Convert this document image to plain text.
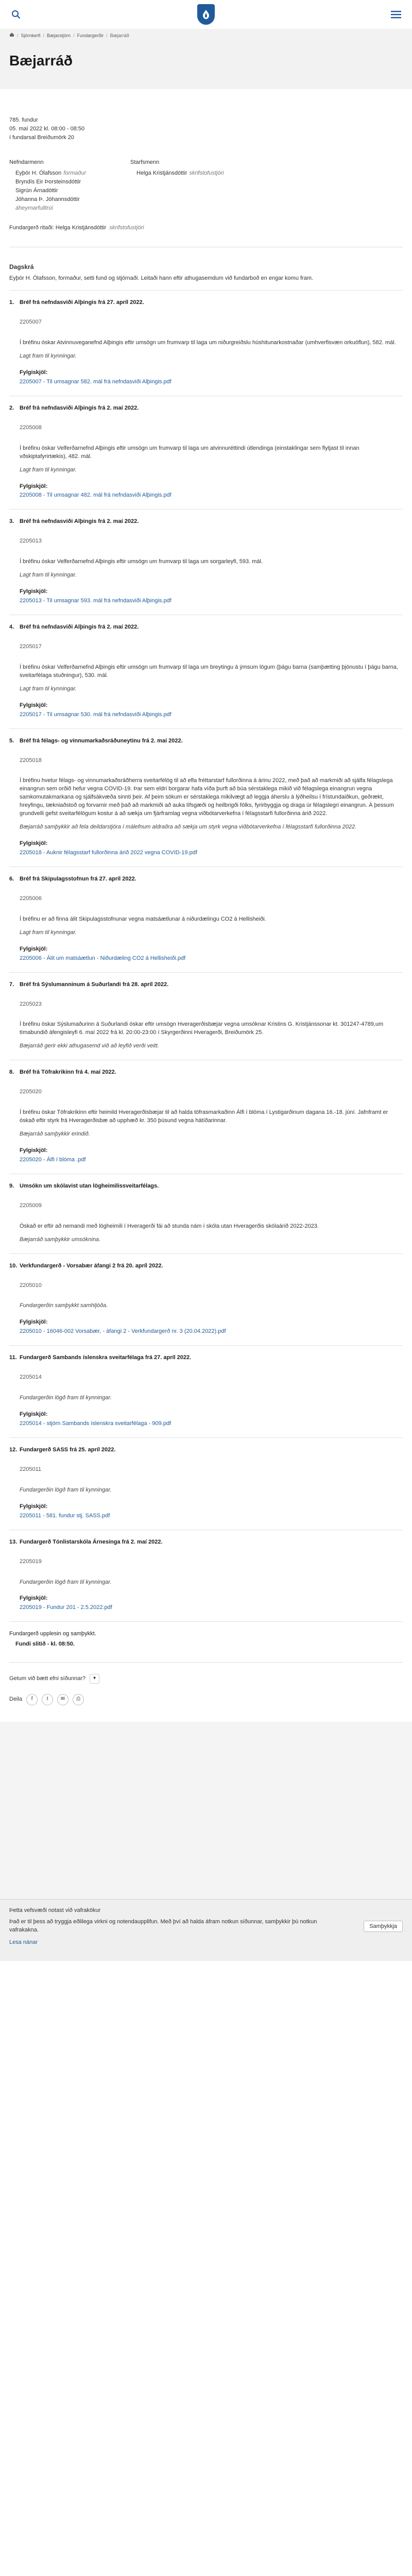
/ Sjórnkerfi / Bæjarstjórn / Fundargerðir / Bæjarráð
Bæjarráð
785. fundur
05. maí 2022 kl. 08:00 - 08:50
í fundarsal Breiðumörk 20
Nefndarmenn
Eyþór H. Ólafsson formaður
Bryndís Eir Þorsteinsdóttir
Sigrún Árnadóttir
Jóhanna Þ. Jóhannsdóttir
áheyrnarfulltrúi
Starfsmenn
Helga Kristjánsdóttir skrifstofustjóri
Fundargerð ritaði: Helga Kristjánsdóttir skrifstofustjóri
Dagskrá
Eyþór H. Ólafsson, formaður, setti fund og stjórnaði. Leitaði hann eftir athugasemdum við fundarboð en engar komu fram.
1. Bréf frá nefndasviði Alþingis frá 27. apríl 2022.
2205007
Í bréfinu óskar Atvinnuveganefnd Alþingis eftir umsögn um frumvarp til laga um niðurgreiðslu húshitunarkostnaðar (umhverfisvæn orkuöflun), 582. mál.
Lagt fram til kynningar.
Fylgiskjöl:
2205007 - Til umsagnar 582. mál frá nefndasviði Alþingis.pdf
2. Bréf frá nefndasviði Alþingis frá 2. maí 2022.
2205008
Í bréfinu óskar Velferðarnefnd Alþingis eftir umsögn um frumvarp til laga um atvinnuréttindi útlendinga (einstaklingar sem flytjast til innan vðskiptafyrirtækis), 482. mál.
Lagt fram til kynningar.
Fylgiskjöl:
2205008 - Til umsagnar 482. mál frá nefndasviði Alþingis.pdf
3. Bréf frá nefndasviði Alþingis frá 2. maí 2022.
2205013
Í bréfinu óskar Velferðarnefnd Alþingis eftir umsögn um frumvarp til laga um sorgarleyfi, 593. mál.
Lagt fram til kynningar.
Fylgiskjöl:
2205013 - Til umsagnar 593. mál frá nefndasviði Alþingis.pdf
4. Bréf frá nefndasviði Alþingis frá 2. maí 2022.
2205017
Í bréfinu óskar Velferðarnefnd Alþingis eftir umsögn um frumvarp til laga um breytingu á ýmsum lögum (þágu barna (samþætting þjónustu í þágu barna, sveitarfélaga stuðningur), 530. mál.
Lagt fram til kynningar.
Fylgiskjöl:
2205017 - Til umsagnar 530. mál frá nefndasviði Alþingis.pdf
5. Bréf frá félags- og vinnumarkaðsráðuneytinu frá 2. maí 2022.
2205018
Í bréfinu hvetur félags- og vinnumarkaðsráðherra sveitarfélög til að efla fréttarstarf fullorðinna á árinu 2022, með það að markmiði að sjálfa félagslega einangrun sem orðið hefur vegna COVID-19. Þar sem eldri borgarar hafa víða þurft að búa sérstaklega mikið við félagslega einangrun vegna samkomutakmarkana og sjálfsákvæða sinnti þeir. Af þeim sökum er sérstaklega mikilvægt að leggja áherslu á lýðheilsu í frístundaiðkun, geðrækt, hreyfingu, tækniaðstoð og forvarnir með það að markmiði að auka lífsgæði og heilbrigði fólks, fyrirbyggja og draga úr félagslegri einangrun. Á þessum grundvelli gefst sveitarfélögum kostur á að sækja um fjárframlag vegna viðbótarverkefna í félagsstarfi fullorðinna árið 2022.
Bæjarráð samþykkir að fela deildarstjóra í málefnum aldraðra að sækja um styrk vegna viðbótarverkefna í félagsstarfi fullorðinna 2022.
Fylgiskjöl:
2205018 - Auknir félagsstarf fullorðinna árið 2022 vegna COVID-19.pdf
6. Bréf frá Skipulagsstofnun frá 27. apríl 2022.
2205006
Í bréfinu er að finna álit Skipulagsstofnunar vegna matsáætlunar á niðurdælingu CO2 á Hellisheiði.
Lagt fram til kynningar.
Fylgiskjöl:
2205006 - Álit um matsáætlun - Niðurdæling CO2 á Hellisheiði.pdf
7. Bréf frá Sýslumanninum á Suðurlandi frá 28. apríl 2022.
2205023
Í bréfinu óskar Sýslumaðurinn á Suðurlandi óskar eftir umsögn Hveragerðisbæjar vegna umsóknar Kristins G. Kristjánssonar kt. 301247-4789,um tímabundið áfengisleyfi 6. maí 2022 frá kl. 20:00-23:00 í Skyrgerðinni Hveragerði, Breiðumörk 25.
Bæjarráð gerir ekki athugasemd við að leyfið verði veitt.
8. Bréf frá Töfrakrikinn frá 4. maí 2022.
2205020
Í bréfinu óskar Töfrakrikinn eftir heimild Hveragerðisbæjar til að halda töfrasmarkaðinn Álfi í blóma í Lystigarðinum dagana 16.-18. júní. Jafnframt er óskað eftir styrk frá Hveragerðisbæ að upphæð kr. 350 þúsund vegna hátíðarinnar.
Bæjarráð samþykkir erindið.
Fylgiskjöl:
2205020 - Álfi í blóma .pdf
9. Umsókn um skólavist utan lögheimilissveitarfélags.
2205009
Óskað er eftir að nemandi með lögheimili í Hveragerði fái að stunda nám í skóla utan Hveragerðis skólaárið 2022-2023.
Bæjarráð samþykkir umsóknina.
10. Verkfundargerð - Vorsabær áfangi 2 frá 20. apríl 2022.
2205010
Fundargerðin samþykkt samhljóða.
Fylgiskjöl:
2205010 - 16046-002 Vorsabær, - áfangi 2 - Verkfundargerð nr. 3 (20.04.2022).pdf
11. Fundargerð Sambands íslenskra sveitarfélaga frá 27. apríl 2022.
2205014
Fundargerðin lögð fram til kynningar.
Fylgiskjöl:
2205014 - stjórn Sambands íslenskra sveitarfélaga - 909.pdf
12. Fundargerð SASS frá 25. apríl 2022.
2205011
Fundargerðin lögð fram til kynningar.
Fylgiskjöl:
2205011 - 581. fundur stj. SASS.pdf
13. Fundargerð Tónlistarskóla Árnesinga frá 2. maí 2022.
2205019
Fundargerðin lögð fram til kynningar.
Fylgiskjöl:
2205019 - Fundur 201 - 2.5.2022.pdf
Fundargerð upplesin og samþykkt.
Fundi slitið - kl. 08:50.
Getum við bætt efni síðunnar?	▾
Deila	f	t	✉	⎙
Þetta vefsvæði notast við vafrakökur
Það er til þess að tryggja eðlilega virkni og notendaupplifun. Með því að halda áfram notkun síðunnar, samþykkir þú notkun vafrakakna.
Samþykkja
Lesa nánar
